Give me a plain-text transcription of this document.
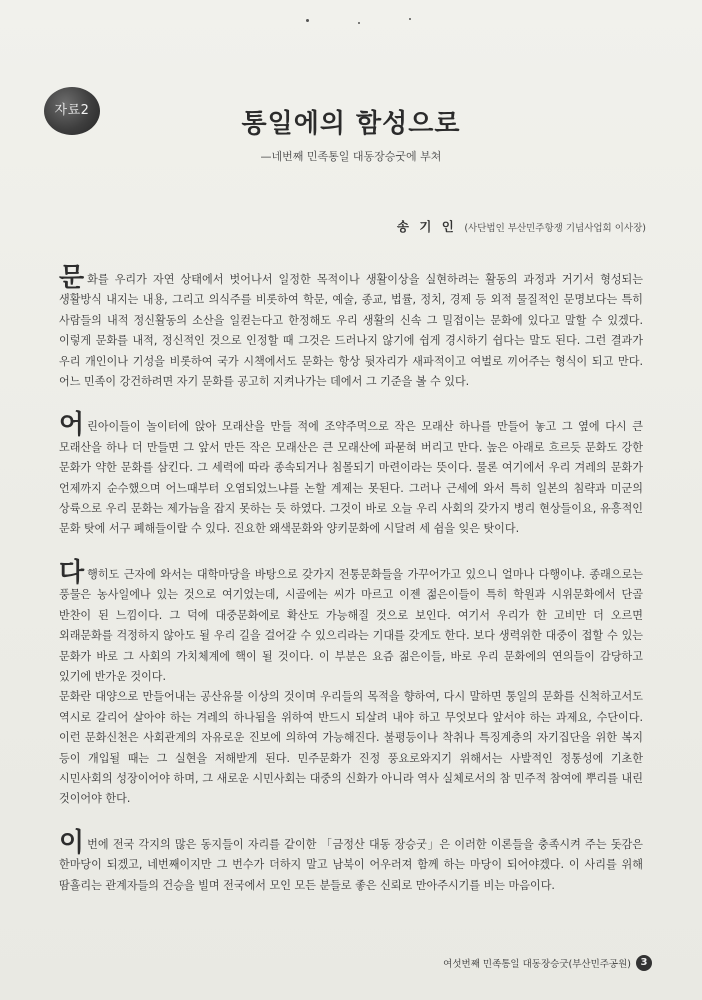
자료2	통일에의 함성으로
—네번째 민족통일 대동장승굿에 부쳐
송 기 인 (사단법인 부산민주항쟁 기념사업회 이사장)

문화를 우리가 자연 상태에서 벗어나서 일정한 목적이나 생활이상을 실현하려는 활동의 과정과 거기서 형성되는 생활방식 내지는 내용, 그리고 의식주를 비롯하여 학문, 예술, 종교, 법률, 정치, 경제 등 외적 물질적인 문명보다는 특히 사람들의 내적 정신활동의 소산을 일컫는다고 한정해도 우리 생활의 신속 그 밀접이는 문화에 있다고 말할 수 있겠다. 이렇게 문화를 내적, 정신적인 것으로 인정할 때 그것은 드러나지 않기에 쉽게 경시하기 쉽다는 말도 된다. 그런 결과가 우리 개인이나 기성을 비롯하여 국가 시책에서도 문화는 항상 뒷자리가 새파적이고 여벌로 끼어주는 형식이 되고 만다. 어느 민족이 강건하려면 자기 문화를 공고히 지켜나가는 데에서 그 기준을 볼 수 있다.

어린아이들이 놀이터에 앉아 모래산을 만들 적에 조약주먹으로 작은 모래산 하나를 만들어 놓고 그 옆에 다시 큰 모래산을 하나 더 만들면 그 앞서 만든 작은 모래산은 큰 모래산에 파묻혀 버리고 만다. 높은 아래로 흐르듯 문화도 강한 문화가 약한 문화를 삼킨다. 그 세력에 따라 종속되거나 침몰되기 마련이라는 뜻이다. 물론 여기에서 우리 겨레의 문화가 언제까지 순수했으며 어느때부터 오염되었느냐를 논할 계제는 못된다. 그러나 근세에 와서 특히 일본의 침략과 미군의 상륙으로 우리 문화는 제가늠을 잡지 못하는 듯 하였다. 그것이 바로 오늘 우리 사회의 갖가지 병리 현상들이요, 유흥적인 문화 탓에 서구 폐해들이랄 수 있다. 진요한 왜색문화와 양키문화에 시달려 세 쉼을 잊은 탓이다.

다행히도 근자에 와서는 대학마당을 바탕으로 갖가지 전통문화들을 가꾸어가고 있으니 얼마나 다행이냐. 종래으로는 풍물은 농사일에나 있는 것으로 여기었는데, 시골에는 씨가 마르고 이젠 젊은이들이 특히 학원과 시위문화에서 단골 반찬이 된 느낌이다. 그 덕에 대중문화에로 확산도 가능해질 것으로 보인다. 여기서 우리가 한 고비만 더 오르면 외래문화를 걱정하지 않아도 될 우리 길을 걸어갈 수 있으리라는 기대를 갖게도 한다. 보다 생력위한 대중이 접할 수 있는 문화가 바로 그 사회의 가치체계에 핵이 될 것이다. 이 부분은 요즘 젊은이들, 바로 우리 문화에의 연의들이 감당하고 있기에 반가운 것이다.

문화란 대양으로 만들어내는 공산유물 이상의 것이며 우리들의 목적을 향하여, 다시 말하면 통일의 문화를 신척하고서도 역시로 갈리어 살아야 하는 겨레의 하나됨을 위하여 반드시 되살려 내야 하고 무엇보다 앞서야 하는 과제요, 수단이다. 이런 문화신천은 사회관계의 자유로운 진보에 의하여 가능해진다. 불평등이나 착취나 특징계층의 자기집단을 위한 복지 등이 개입될 때는 그 실현을 저해받게 된다. 민주문화가 진정 풍요로와지기 위해서는 사발적인 정통성에 기초한 시민사회의 성장이어야 하며, 그 새로운 시민사회는 대중의 신화가 아니라 역사 실체로서의 참 민주적 참여에 뿌리를 내린 것이어야 한다.

이번에 전국 각지의 많은 동지들이 자리를 같이한 「금정산 대동 장승굿」은 이러한 이론들을 충족시켜 주는 돗감은 한마당이 되겠고, 네번째이지만 그 번수가 더하지 말고 남북이 어우러져 함께 하는 마당이 되어야겠다. 이 사리를 위해 땀흘리는 관계자들의 건승을 빌며 전국에서 모인 모든 분들로 좋은 신뢰로 만아주시기를 비는 마음이다.

여섯번째 민족통일 대동장승굿(부산민주공원) 3
